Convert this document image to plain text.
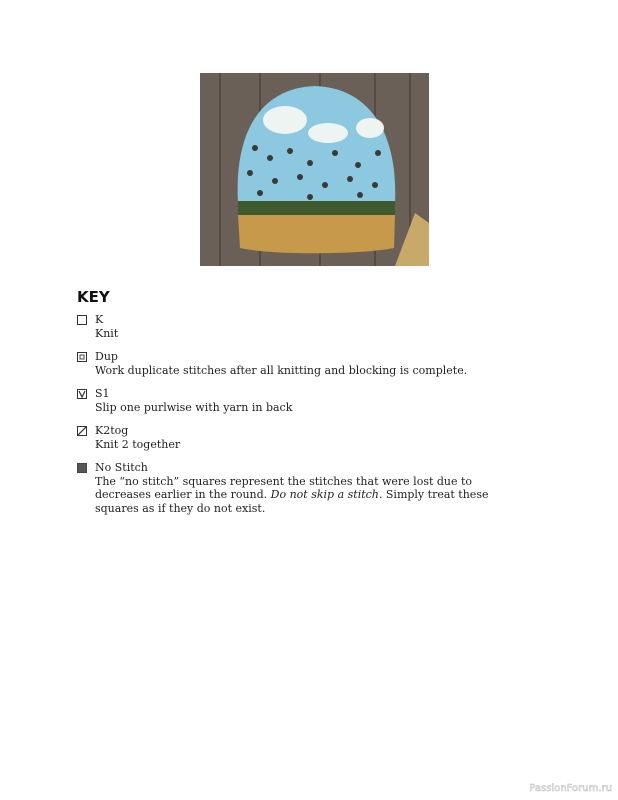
KEY
K
Knit
Dup
Work duplicate stitches after all knitting and blocking is complete.
S1
Slip one purlwise with yarn in back
K2tog
Knit 2 together
No Stitch
The “no stitch” squares represent the stitches that were lost due to decreases earlier in the round. Do not skip a stitch. Simply treat these squares as if they do not exist.
PassionForum.ru
